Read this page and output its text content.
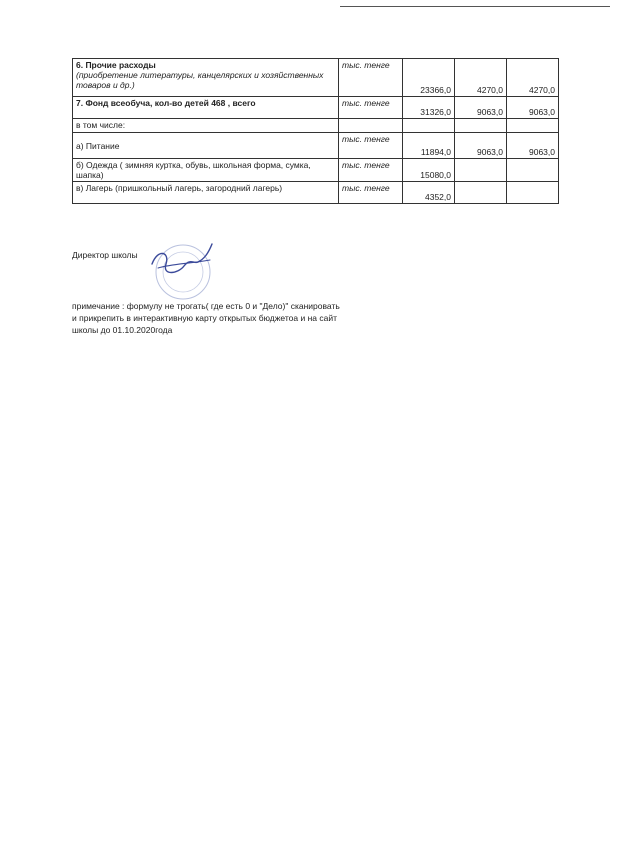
6. Прочие расходы
(приобретение литературы, канцелярских и хозяйственных товаров и др.)	тыс. тенге	23366,0	4270,0	4270,0
7. Фонд всеобуча, кол-во детей 468 , всего	тыс. тенге	31326,0	9063,0	9063,0
в том числе:				
а) Питание	тыс. тенге	11894,0	9063,0	9063,0
б) Одежда ( зимняя куртка, обувь, школьная форма, сумка, шапка)	тыс. тенге	15080,0		
в) Лагерь (пришкольный лагерь, загородний лагерь)	тыс. тенге	4352,0		
Директор школы
примечание : формулу не трогать( где есть 0 и "Дело)" сканировать
и прикрепить в интерактивную карту открытых бюджетоа и на сайт
школы до 01.10.2020года
